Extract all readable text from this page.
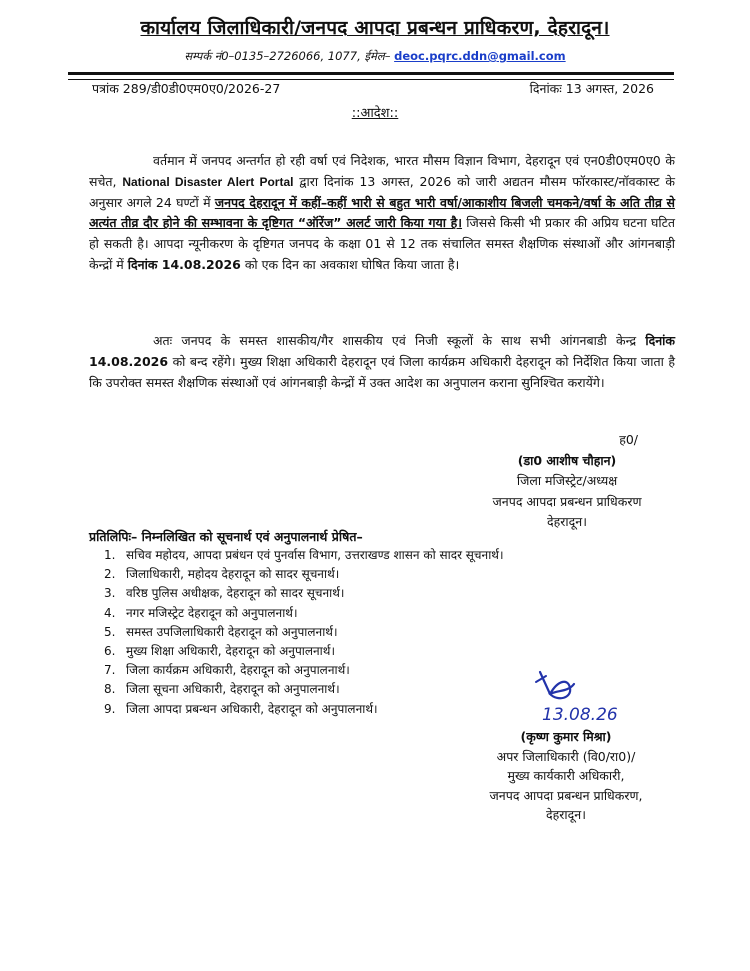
कार्यालय जिलाधिकारी/जनपद आपदा प्रबन्धन प्राधिकरण, देहरादून।
सम्पर्क नं0–0135–2726066, 1077, ईमेल– deoc.pqrc.ddn@gmail.com
पत्रांक 289/डी0डी0एम0ए0/2026-27	दिनांकः 13 अगस्त, 2026
::आदेश::
वर्तमान में जनपद अन्तर्गत हो रही वर्षा एवं निदेशक, भारत मौसम विज्ञान विभाग, देहरादून एवं एन0डी0एम0ए0 के सचेत, National Disaster Alert Portal द्वारा दिनांक 13 अगस्त, 2026 को जारी अद्यतन मौसम फॉरकास्ट/नॉवकास्ट के अनुसार अगले 24 घण्टों में जनपद देहरादून में कहीं–कहीं भारी से बहुत भारी वर्षा/आकाशीय बिजली चमकने/वर्षा के अति तीव्र से अत्यंत तीव्र दौर होने की सम्भावना के दृष्टिगत “ऑरेंज” अलर्ट जारी किया गया है। जिससे किसी भी प्रकार की अप्रिय घटना घटित हो सकती है। आपदा न्यूनीकरण के दृष्टिगत जनपद के कक्षा 01 से 12 तक संचालित समस्त शैक्षणिक संस्थाओं और आंगनबाड़ी केन्द्रों में दिनांक 14.08.2026 को एक दिन का अवकाश घोषित किया जाता है।
अतः जनपद के समस्त शासकीय/गैर शासकीय एवं निजी स्कूलों के साथ सभी आंगनबाडी केन्द्र दिनांक 14.08.2026 को बन्द रहेंगे। मुख्य शिक्षा अधिकारी देहरादून एवं जिला कार्यक्रम अधिकारी देहरादून को निर्देशित किया जाता है कि उपरोक्त समस्त शैक्षणिक संस्थाओं एवं आंगनबाड़ी केन्द्रों में उक्त आदेश का अनुपालन कराना सुनिश्चित करायेंगे।
ह0/
(डा0 आशीष चौहान)
जिला मजिस्ट्रेट/अध्यक्ष
जनपद आपदा प्रबन्धन प्राधिकरण
देहरादून।
प्रतिलिपिः– निम्नलिखित को सूचनार्थ एवं अनुपालनार्थ प्रेषित–
1. सचिव महोदय, आपदा प्रबंधन एवं पुनर्वास विभाग, उत्तराखण्ड शासन को सादर सूचनार्थ।
2. जिलाधिकारी, महोदय देहरादून को सादर सूचनार्थ।
3. वरिष्ठ पुलिस अधीक्षक, देहरादून को सादर सूचनार्थ।
4. नगर मजिस्ट्रेट देहरादून को अनुपालनार्थ।
5. समस्त उपजिलाधिकारी देहरादून को अनुपालनार्थ।
6. मुख्य शिक्षा अधिकारी, देहरादून को अनुपालनार्थ।
7. जिला कार्यक्रम अधिकारी, देहरादून को अनुपालनार्थ।
8. जिला सूचना अधिकारी, देहरादून को अनुपालनार्थ।
9. जिला आपदा प्रबन्धन अधिकारी, देहरादून को अनुपालनार्थ।	13.08.26
(कृष्ण कुमार मिश्रा)
अपर जिलाधिकारी (वि0/रा0)/
मुख्य कार्यकारी अधिकारी,
जनपद आपदा प्रबन्धन प्राधिकरण,
देहरादून।
